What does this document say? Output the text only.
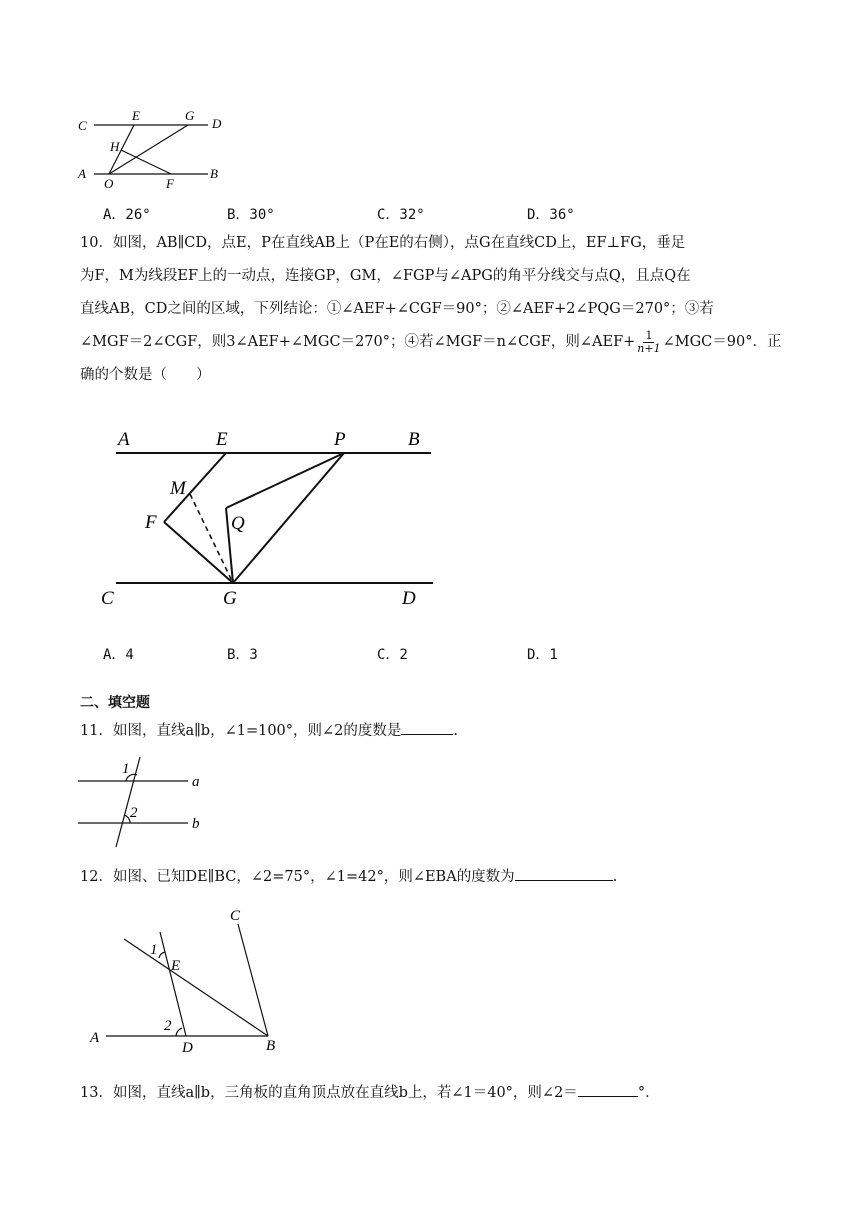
C
E	G
D
H
A
O	F
B
A．26°	B．30°	C．32°	D．36°
10．如图，AB∥CD，点E，P在直线AB上（P在E的右侧），点G在直线CD上，EF⊥FG，垂足
为F，M为线段EF上的一动点，连接GP，GM，∠FGP与∠APG的角平分线交与点Q，且点Q在
直线AB，CD之间的区域，下列结论：①∠AEF+∠CGF＝90°；②∠AEF+2∠PQG＝270°；③若
∠MGF＝2∠CGF，则3∠AEF+∠MGC＝270°；④若∠MGF＝n∠CGF，则∠AEF+ $\frac{1}{n+1}$ ∠MGC＝90°．正
确的个数是（　　）
A	E	P	B
M
F	Q
C	G	D
A．4	B．3	C．2	D．1
二、填空题
11．如图，直线a∥b，∠1=100°，则∠2的度数是	.
1
2
a
b
12．如图、已知DE∥BC，∠2=75°，∠1=42°，则∠EBA的度数为	.
C
1
E
2
A
D	B
13．如图，直线a∥b，三角板的直角顶点放在直线b上，若∠1＝40°，则∠2＝	°．
